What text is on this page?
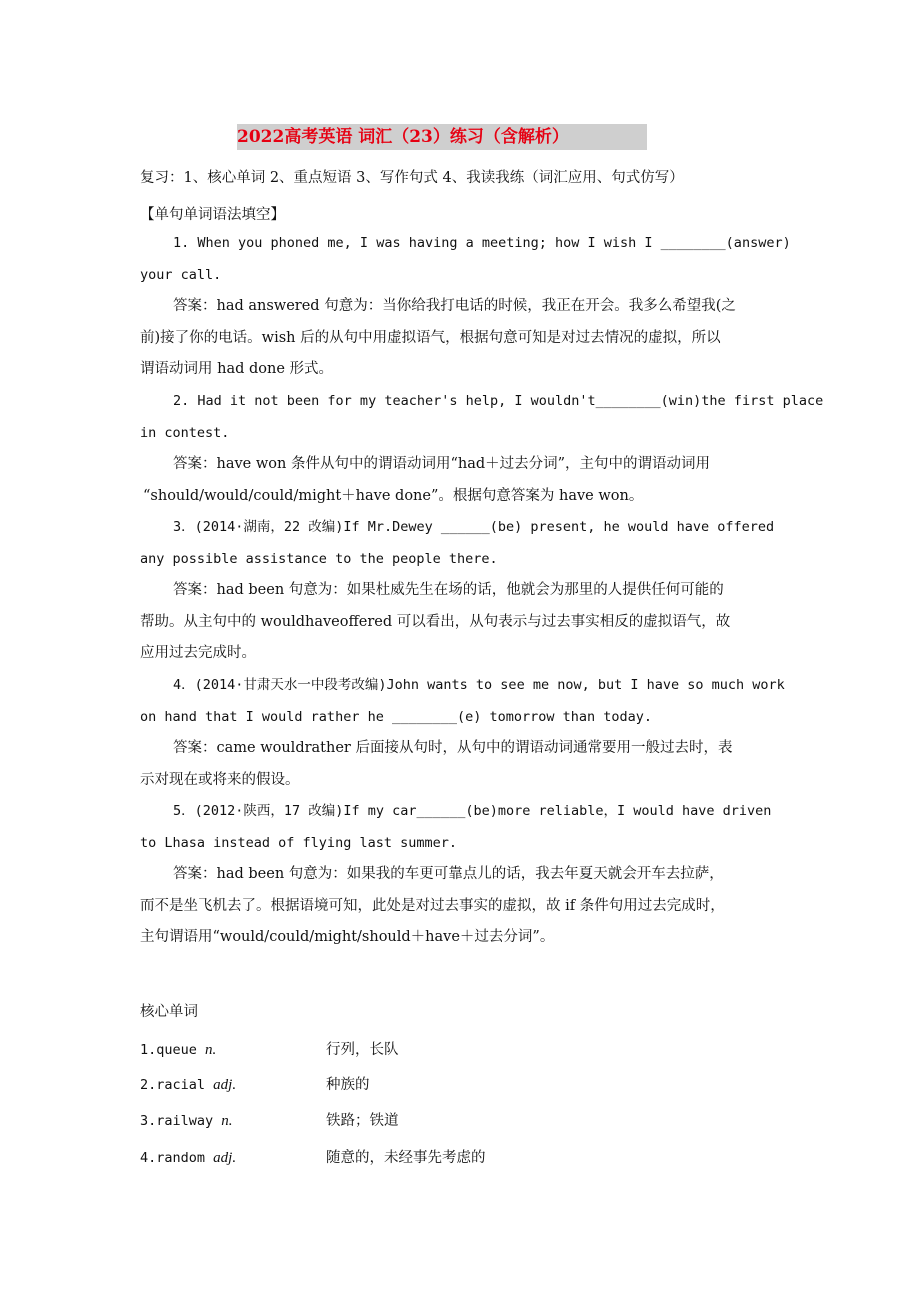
2022高考英语 词汇（23）练习（含解析）
复习：1、核心单词 2、重点短语 3、写作句式 4、我读我练（词汇应用、句式仿写）
【单句单词语法填空】
1. When you phoned me, I was having a meeting; how I wish I ________(answer)
your call.
答案：had answered 句意为：当你给我打电话的时候，我正在开会。我多么希望我(之
前)接了你的电话。wish 后的从句中用虚拟语气，根据句意可知是对过去情况的虚拟，所以
谓语动词用 had done 形式。
2. Had it not been for my teacher's help, I wouldn't________(win)the first place
in contest.
答案：have won 条件从句中的谓语动词用“had＋过去分词”，主句中的谓语动词用
“should/would/could/might＋have done”。根据句意答案为 have won。
3．(2014·湖南，22 改编)If Mr.Dewey ______(be) present, he would have offered
any possible assistance to the people there.
答案：had been 句意为：如果杜威先生在场的话，他就会为那里的人提供任何可能的
帮助。从主句中的 wouldhaveoffered 可以看出，从句表示与过去事实相反的虚拟语气，故
应用过去完成时。
4．(2014·甘肃天水一中段考改编)John wants to see me now, but I have so much work
on hand that I would rather he ________(e) tomorrow than today.
答案：came wouldrather 后面接从句时，从句中的谓语动词通常要用一般过去时，表
示对现在或将来的假设。
5．(2012·陕西，17 改编)If my car______(be)more reliable，I would have driven
to Lhasa instead of flying last summer.
答案：had been 句意为：如果我的车更可靠点儿的话，我去年夏天就会开车去拉萨，
而不是坐飞机去了。根据语境可知，此处是对过去事实的虚拟，故 if 条件句用过去完成时，
主句谓语用“would/could/might/should＋have＋过去分词”。
核心单词
1.queue n.	行列，长队
2.racial adj.	种族的
3.railway n.	铁路；铁道
4.random adj.	随意的，未经事先考虑的
